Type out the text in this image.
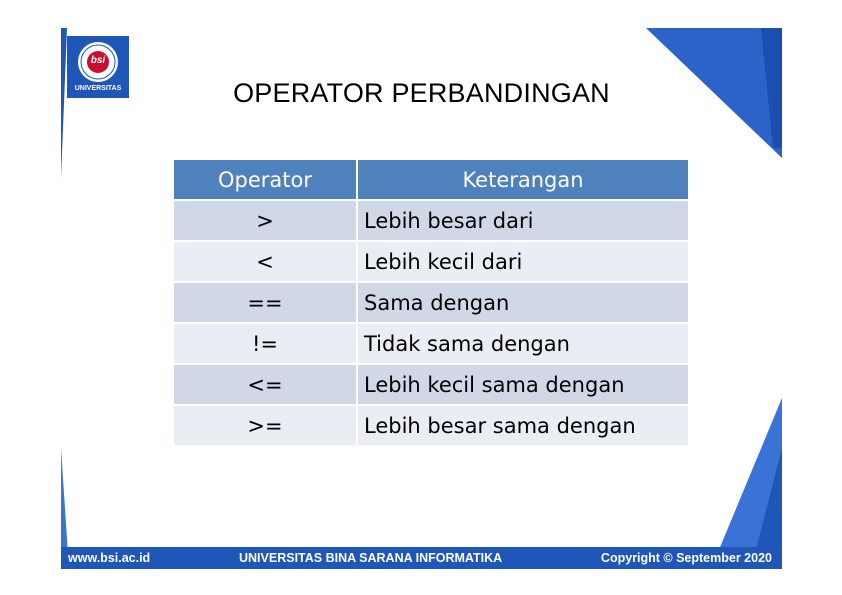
bsi
BINA SARANA INFORMATIKA
UNIVERSITAS	OPERATOR PERBANDINGAN
Operator	Keterangan
>	Lebih besar dari
<	Lebih kecil dari
==	Sama dengan
!=	Tidak sama dengan
<=	Lebih kecil sama dengan
>=	Lebih besar sama dengan
www.bsi.ac.id	UNIVERSITAS BINA SARANA INFORMATIKA	Copyright © September 2020
